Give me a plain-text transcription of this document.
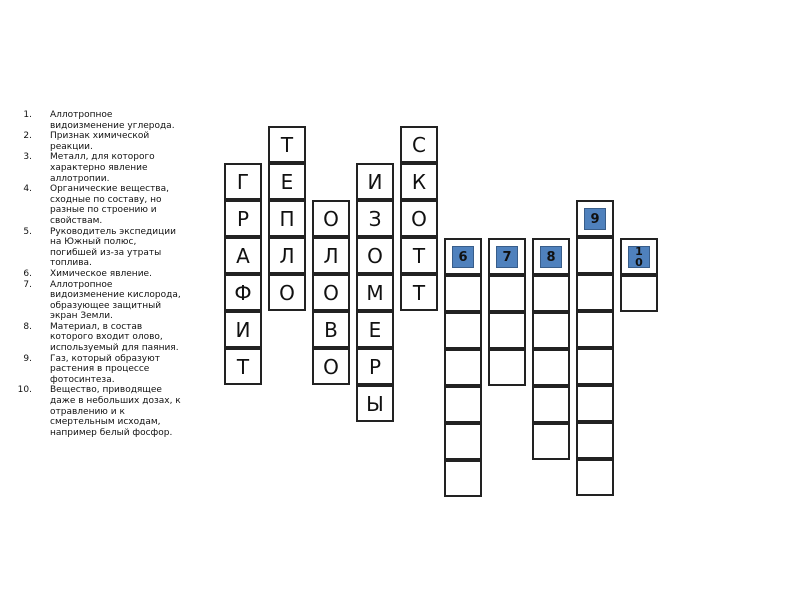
1. Аллотропное видоизменение углерода.
2. Признак химической реакции.
3. Металл, для которого характерно явление аллотропии.
4. Органические вещества, сходные по составу, но разные по строению и свойствам.
5. Руководитель экспедиции на Южный полюс, погибшей из-за утраты топлива.
6. Химическое явление.
7. Аллотропное видоизменение кислорода, образующее защитный экран Земли.
8. Материал, в состав которого входит олово, используемый для паяния.
9. Газ, который образуют растения в процессе фотосинтеза.
10. Вещество, приводящее даже в небольших дозах, к отравлению и к смертельным исходам, например белый фосфор.
Г
Р
А
Ф
И
Т
Т
Е
П
Л
О
О
Л
О
В
О
И
З
О
М
Е
Р
Ы
С
К
О
Т
Т
6	7	8
9
1
0
